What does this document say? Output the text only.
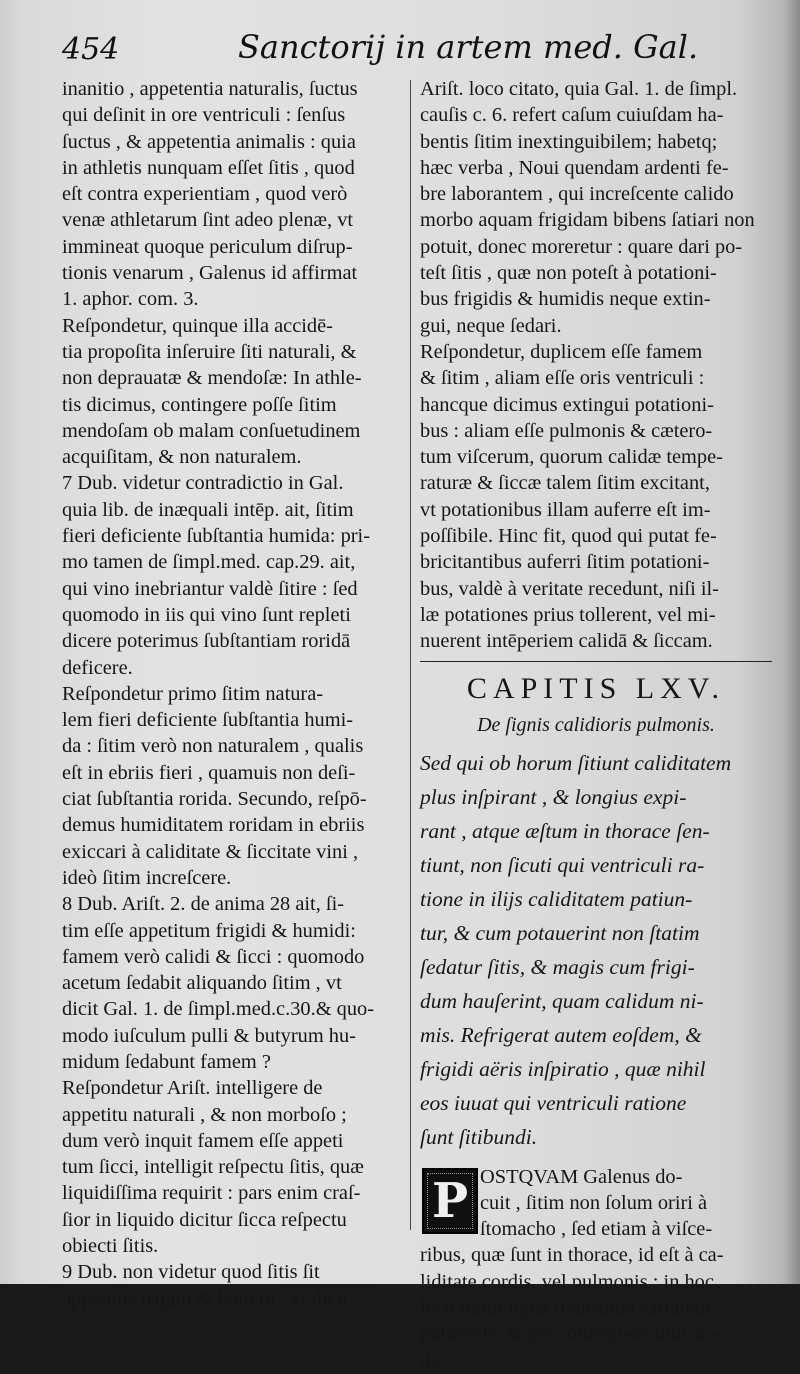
454	Sanctorij in artem med. Gal.
inanitio , appetentia naturalis, ſuctus
qui deſinit in ore ventriculi : ſenſus
ſuctus , & appetentia animalis : quia
in athletis nunquam eſſet ſitis , quod
eſt contra experientiam , quod verò
venæ athletarum ſint adeo plenæ, vt
immineat quoque periculum diſrup-
tionis venarum , Galenus id affirmat
1. aphor. com. 3.
Reſpondetur, quinque illa accidē-
tia propoſita inſeruire ſiti naturali, &
non deprauatæ & mendoſæ: In athle-
tis dicimus, contingere poſſe ſitim
mendoſam ob malam conſuetudinem
acquiſitam, & non naturalem.
7 Dub. videtur contradictio in Gal.
quia lib. de inæquali intēp. ait, ſitim
fieri deficiente ſubſtantia humida: pri-
mo tamen de ſimpl.med. cap.29. ait,
qui vino inebriantur valdè ſitire : ſed
quomodo in iis qui vino ſunt repleti
dicere poterimus ſubſtantiam roridā
deficere.
Reſpondetur primo ſitim natura-
lem fieri deficiente ſubſtantia humi-
da : ſitim verò non naturalem , qualis
eſt in ebriis fieri , quamuis non deſi-
ciat ſubſtantia rorida. Secundo, reſpō-
demus humiditatem roridam in ebriis
exiccari à caliditate & ſiccitate vini ,
ideò ſitim increſcere.
8 Dub. Ariſt. 2. de anima 28 ait, ſi-
tim eſſe appetitum frigidi & humidi:
famem verò calidi & ſicci : quomodo
acetum ſedabit aliquando ſitim , vt
dicit Gal. 1. de ſimpl.med.c.30.& quo-
modo iuſculum pulli & butyrum hu-
midum ſedabunt famem ?
Reſpondetur Ariſt. intelligere de
appetitu naturali , & non morboſo ;
dum verò inquit famem eſſe appeti
tum ſicci, intelligit reſpectu ſitis, quæ
liquidiſſima requirit : pars enim craſ-
ſior in liquido dicitur ſicca reſpectu
obiecti ſitis.
9 Dub. non videtur quod ſitis ſit
appetitus frigidi & humidi , vt dicit
Ariſt. loco citato, quia Gal. 1. de ſimpl.
cauſis c. 6. refert caſum cuiuſdam ha-
bentis ſitim inextinguibilem; habetq;
hæc verba , Noui quendam ardenti fe-
bre laborantem , qui increſcente calido
morbo aquam frigidam bibens ſatiari non
potuit, donec moreretur : quare dari po-
teſt ſitis , quæ non poteſt à potationi-
bus frigidis & humidis neque extin-
gui, neque ſedari.
Reſpondetur, duplicem eſſe famem
& ſitim , aliam eſſe oris ventriculi :
hancque dicimus extingui potationi-
bus : aliam eſſe pulmonis & cætero-
tum viſcerum, quorum calidæ tempe-
raturæ & ſiccæ talem ſitim excitant,
vt potationibus illam auferre eſt im-
poſſibile. Hinc fit, quod qui putat fe-
bricitantibus auferri ſitim potationi-
bus, valdè à veritate recedunt, niſi il-
læ potationes prius tollerent, vel mi-
nuerent intēperiem calidā & ſiccam.
CAPITIS LXV.
De ſignis calidioris pulmonis.
Sed qui ob horum ſitiunt caliditatem
plus inſpirant , & longius expi-
rant , atque æſtum in thorace ſen-
tiunt, non ſicuti qui ventriculi ra-
tione in ilijs caliditatem patiun-
tur, & cum potauerint non ſtatim
ſedatur ſitis, & magis cum frigi-
dum hauſerint, quam calidum ni-
mis. Refrigerat autem eoſdem, &
frigidi aëris inſpiratio , quæ nihil
eos iuuat qui ventriculi ratione
ſunt ſitibundi.
P OSTQVAM Galenus do-
cuit , ſitim non ſolum oriri à
ſtomacho , ſed etiam à viſce-
ribus, quæ ſunt in thorace, id eſt à ca-
liditate cordis, vel pulmonis : in hoc
loco tradit ſigna indicantia caliditate
pulmonis, & per conſequens indican-
tia
